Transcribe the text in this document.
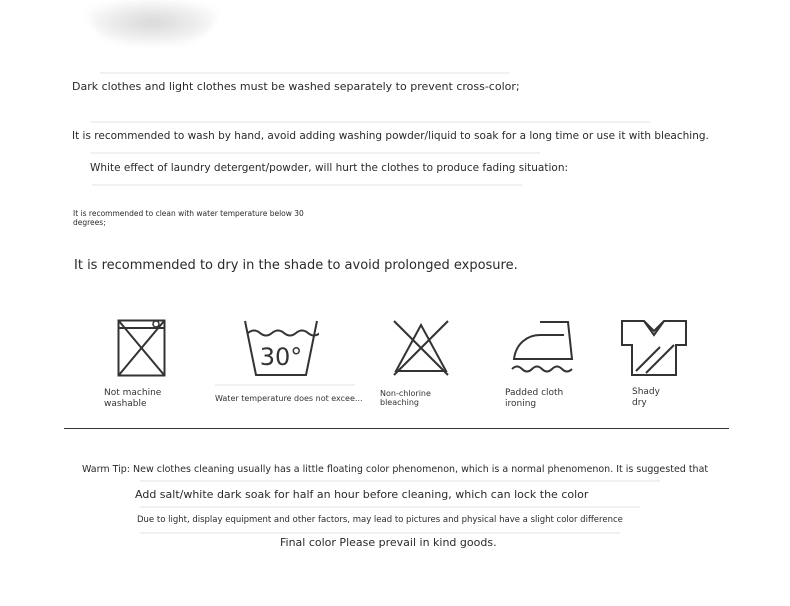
Dark clothes and light clothes must be washed separately to prevent cross-color;
It is recommended to wash by hand, avoid adding washing powder/liquid to soak for a long time or use it with bleaching.
White effect of laundry detergent/powder, will hurt the clothes to produce fading situation:
It is recommended to clean with water temperature below 30 degrees;
It is recommended to dry in the shade to avoid prolonged exposure.
Not machine
washable
30°
Water temperature does not excee...
Non-chlorine
bleaching
Padded cloth
ironing
Shady
dry
Warm Tip: New clothes cleaning usually has a little floating color phenomenon, which is a normal phenomenon. It is suggested that
Add salt/white dark soak for half an hour before cleaning, which can lock the color
Due to light, display equipment and other factors, may lead to pictures and physical have a slight color difference
Final color Please prevail in kind goods.
